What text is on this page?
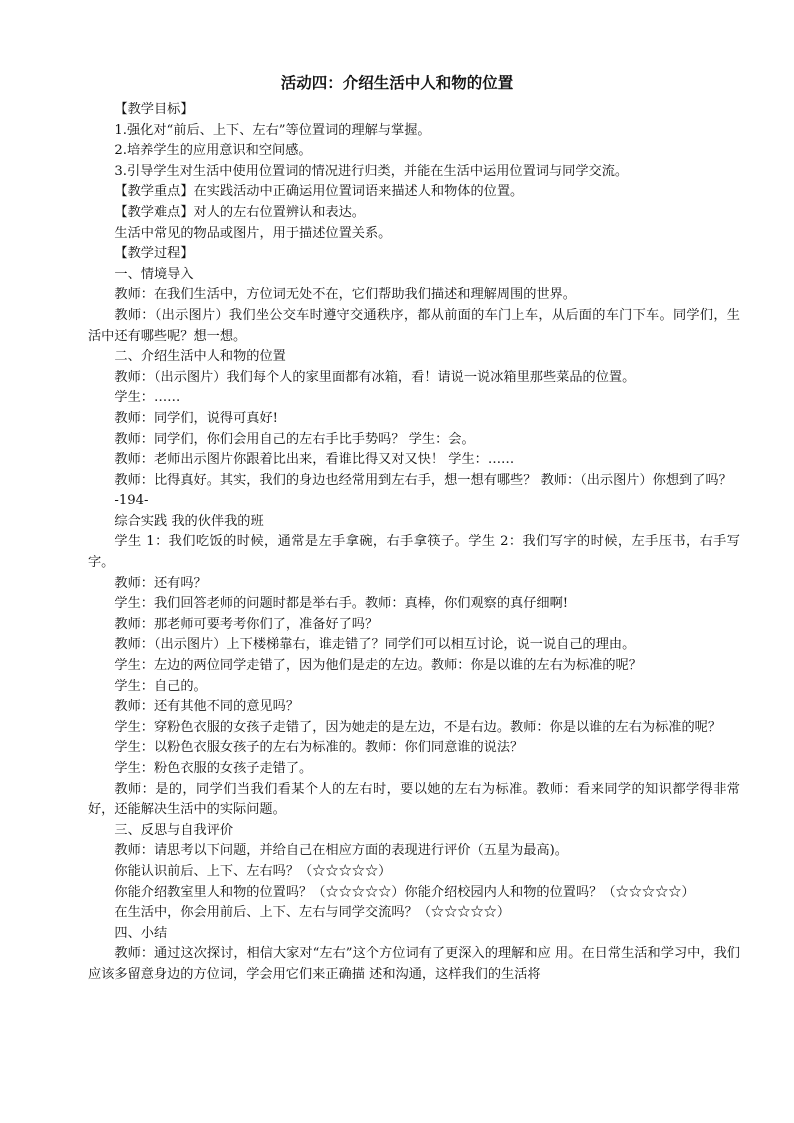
活动四：介绍生活中人和物的位置

【教学目标】

1.强化对“前后、上下、左右”等位置词的理解与掌握。

2.培养学生的应用意识和空间感。

3.引导学生对生活中使用位置词的情况进行归类，并能在生活中运用位置词与同学交流。

【教学重点】在实践活动中正确运用位置词语来描述人和物体的位置。

【教学难点】对人的左右位置辨认和表达。

生活中常见的物品或图片，用于描述位置关系。

【教学过程】

一、情境导入

教师：在我们生活中，方位词无处不在，它们帮助我们描述和理解周围的世界。

教师：（出示图片）我们坐公交车时遵守交通秩序，都从前面的车门上车，从后面的车门下车。同学们，生活中还有哪些呢？想一想。

二、介绍生活中人和物的位置

教师：（出示图片）我们每个人的家里面都有冰箱，看！请说一说冰箱里那些菜品的位置。

学生：……

教师：同学们，说得可真好!

教师：同学们，你们会用自己的左右手比手势吗？ 学生：会。

教师：老师出示图片你跟着比出来，看谁比得又对又快！ 学生：……

教师：比得真好。其实，我们的身边也经常用到左右手，想一想有哪些？ 教师：（出示图片）你想到了吗？

-194-

综合实践 我的伙伴我的班

学生 1：我们吃饭的时候，通常是左手拿碗，右手拿筷子。学生 2：我们写字的时候，左手压书，右手写字。

教师：还有吗？

学生：我们回答老师的问题时都是举右手。教师：真棒，你们观察的真仔细啊!

教师：那老师可要考考你们了，准备好了吗？

教师：（出示图片）上下楼梯靠右，谁走错了？同学们可以相互讨论，说一说自己的理由。

学生：左边的两位同学走错了，因为他们是走的左边。教师：你是以谁的左右为标准的呢？

学生：自己的。

教师：还有其他不同的意见吗？

学生：穿粉色衣服的女孩子走错了，因为她走的是左边，不是右边。教师：你是以谁的左右为标准的呢？

学生：以粉色衣服女孩子的左右为标准的。教师：你们同意谁的说法？

学生：粉色衣服的女孩子走错了。

教师：是的，同学们当我们看某个人的左右时，要以她的左右为标准。教师：看来同学的知识都学得非常好，还能解决生活中的实际问题。

三、反思与自我评价

教师：请思考以下问题，并给自己在相应方面的表现进行评价（五星为最高)。

你能认识前后、上下、左右吗？（☆☆☆☆☆）

你能介绍教室里人和物的位置吗？（☆☆☆☆☆）你能介绍校园内人和物的位置吗？（☆☆☆☆☆）

在生活中，你会用前后、上下、左右与同学交流吗？（☆☆☆☆☆）

四、小结

教师：通过这次探讨，相信大家对“左右”这个方位词有了更深入的理解和应 用。在日常生活和学习中，我们应该多留意身边的方位词，学会用它们来正确描 述和沟通，这样我们的生活将
